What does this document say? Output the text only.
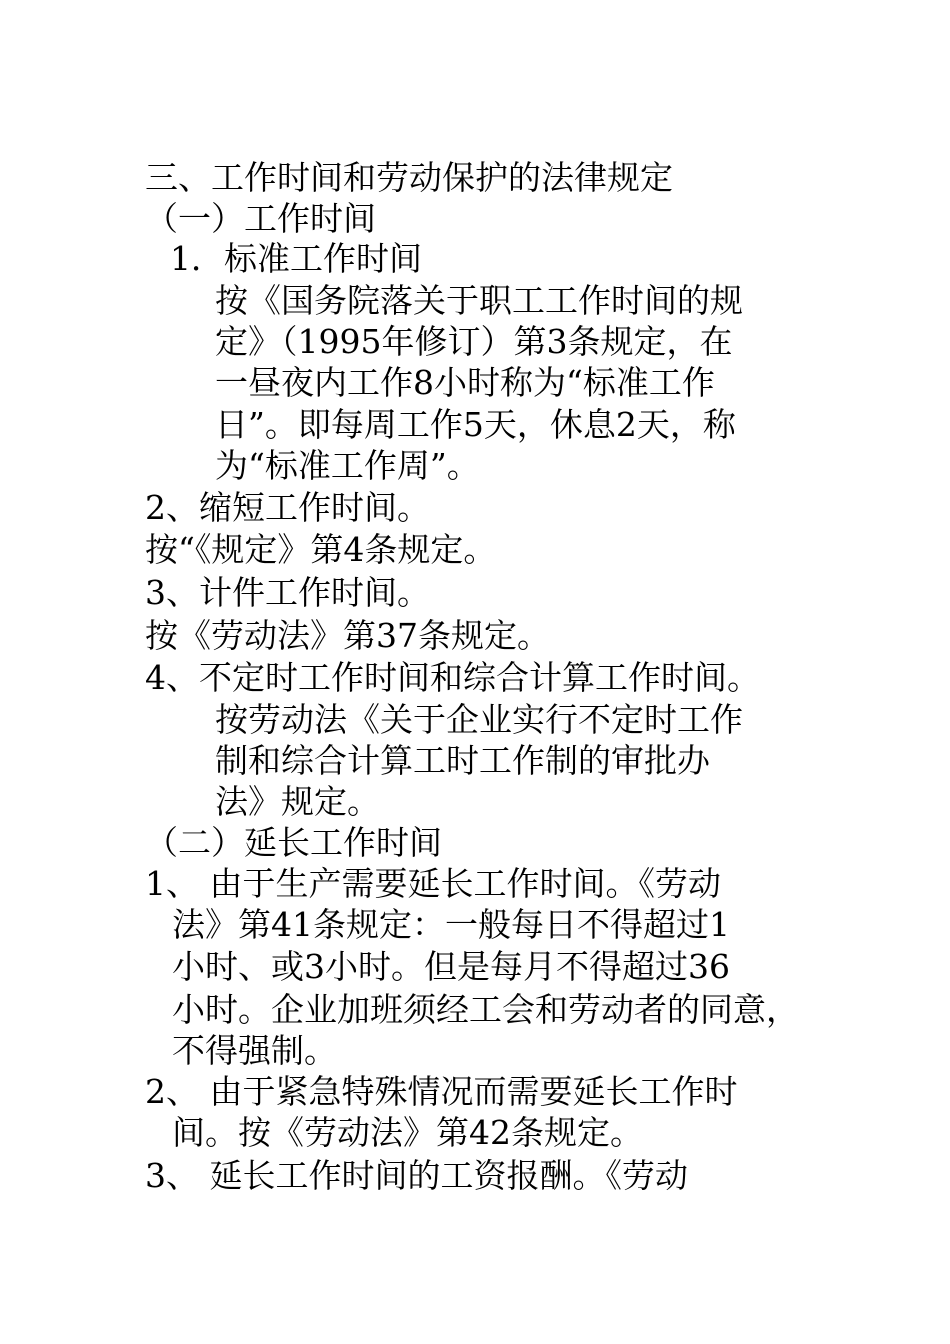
三、工作时间和劳动保护的法律规定
（一）工作时间
1．标准工作时间
按《国务院落关于职工工作时间的规
定》（1995年修订）第3条规定，在
一昼夜内工作8小时称为“标准工作
日”。即每周工作5天，休息2天，称
为“标准工作周”。
2、缩短工作时间。
按“《规定》第4条规定。
3、计件工作时间。
按《劳动法》第37条规定。
4、不定时工作时间和综合计算工作时间。
按劳动法《关于企业实行不定时工作
制和综合计算工时工作制的审批办
法》规定。
（二）延长工作时间
1、 由于生产需要延长工作时间。《劳动
法》第41条规定：一般每日不得超过1
小时、或3小时。但是每月不得超过36
小时。企业加班须经工会和劳动者的同意，
不得强制。
2、 由于紧急特殊情况而需要延长工作时
间。按《劳动法》第42条规定。
3、 延长工作时间的工资报酬。《劳动
